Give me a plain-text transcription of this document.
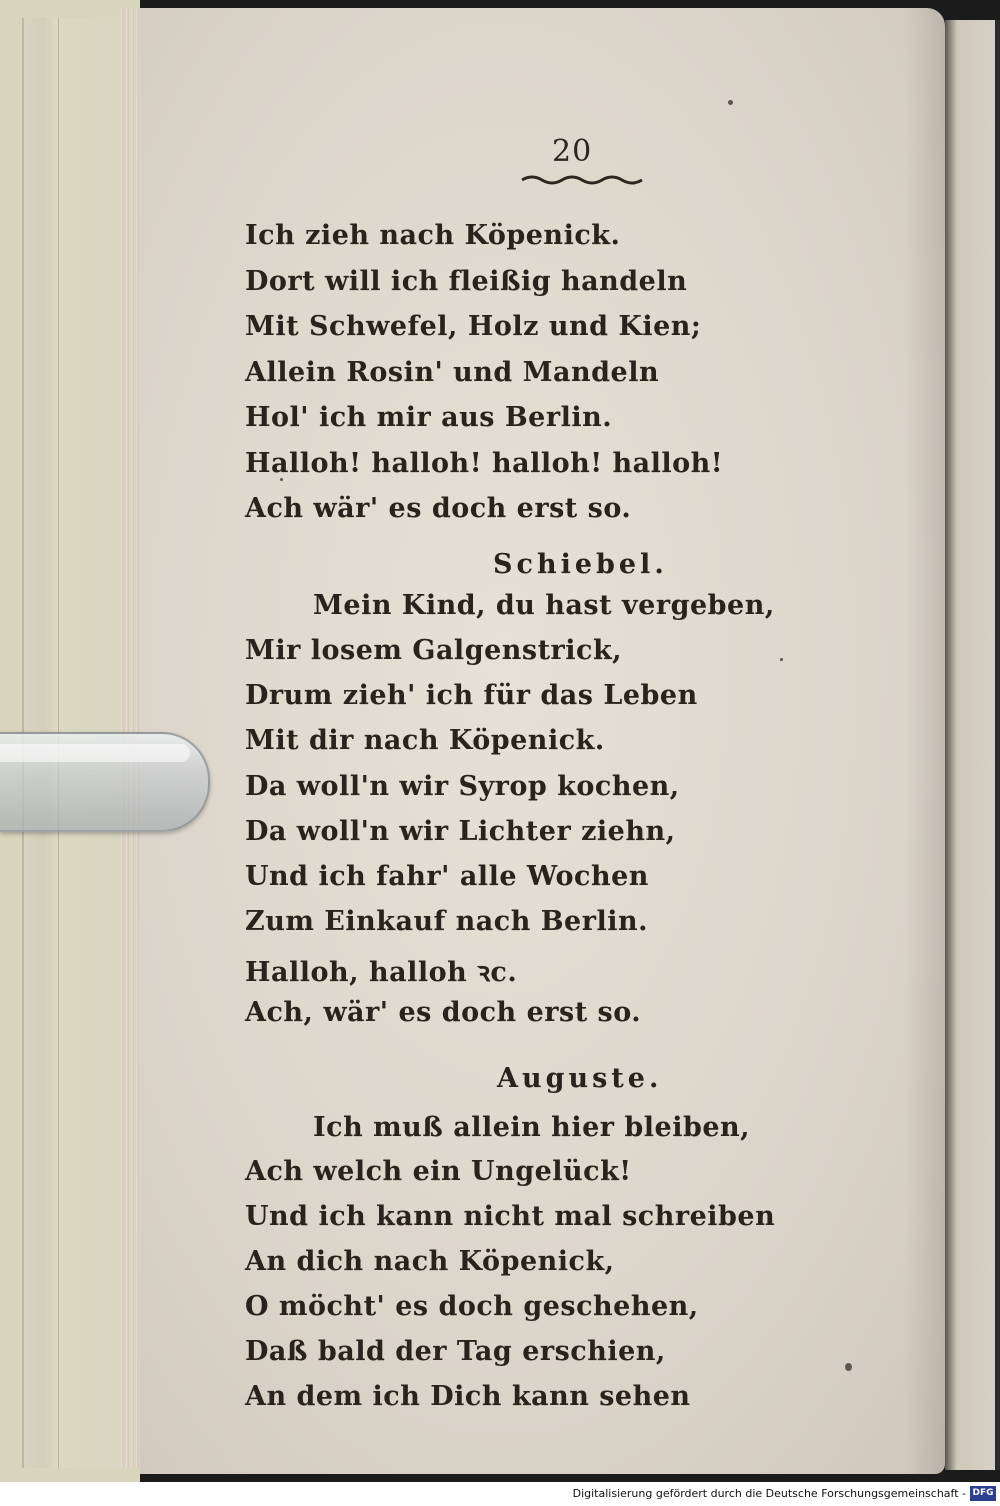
20
Ich zieh nach Köpenick.
Dort will ich fleißig handeln
Mit Schwefel, Holz und Kien;
Allein Rosin' und Mandeln
Hol' ich mir aus Berlin.
Halloh! halloh! halloh! halloh!
Ach wär' es doch erst so.
Schiebel.
Mein Kind, du hast vergeben,
Mir losem Galgenstrick,
Drum zieh' ich für das Leben
Mit dir nach Köpenick.
Da woll'n wir Syrop kochen,
Da woll'n wir Lichter ziehn,
Und ich fahr' alle Wochen
Zum Einkauf nach Berlin.
Halloh, halloh ꝛc.
Ach, wär' es doch erst so.
Auguste.
Ich muß allein hier bleiben,
Ach welch ein Ungelück!
Und ich kann nicht mal schreiben
An dich nach Köpenick,
O möcht' es doch geschehen,
Daß bald der Tag erschien,
An dem ich Dich kann sehen
Digitalisierung gefördert durch die Deutsche Forschungsgemeinschaft - DFG
